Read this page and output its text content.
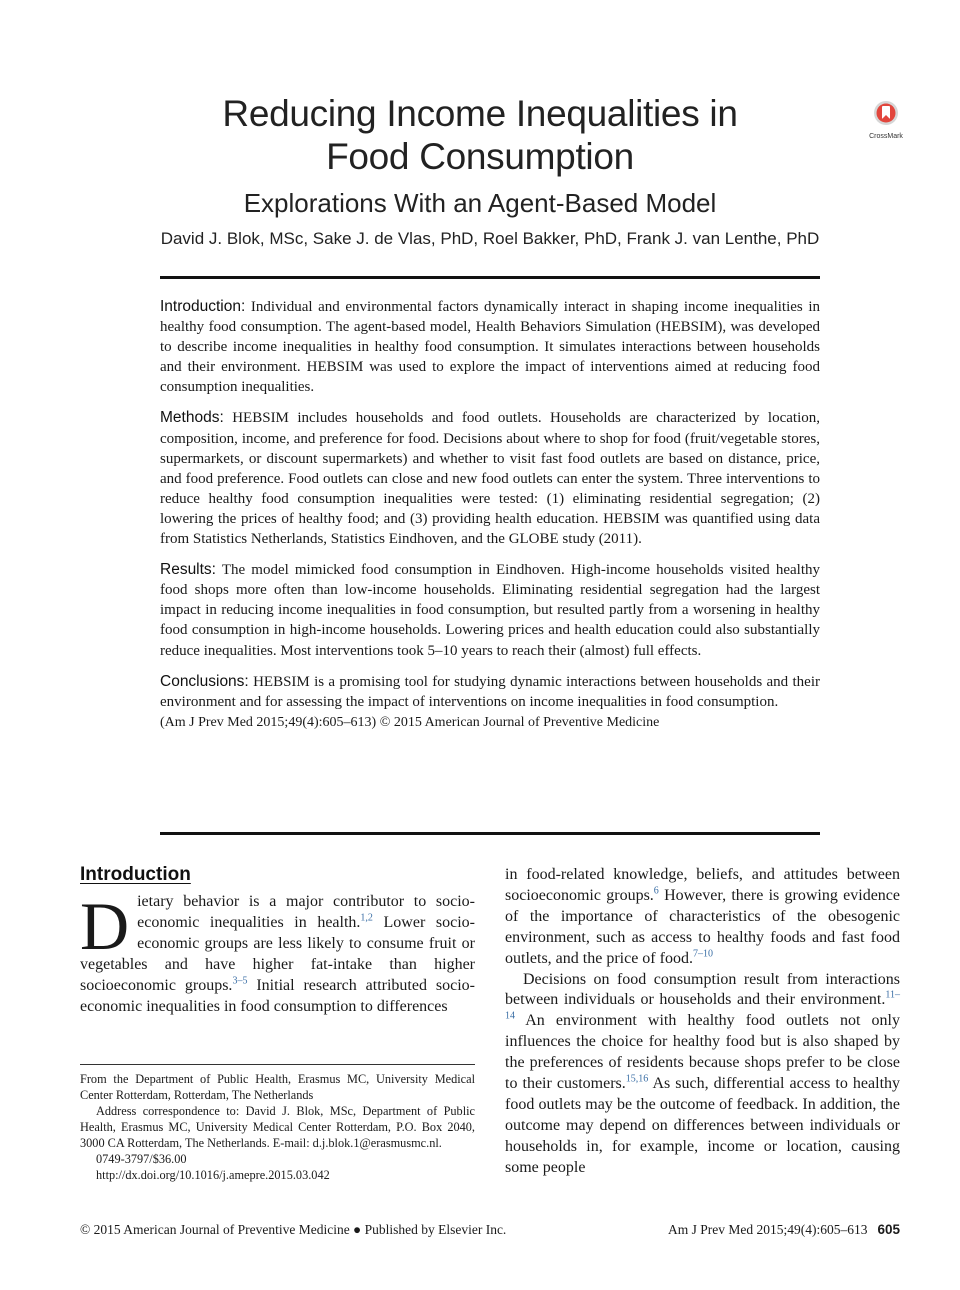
Reducing Income Inequalities in
Food Consumption
Explorations With an Agent-Based Model
CrossMark
David J. Blok, MSc, Sake J. de Vlas, PhD, Roel Bakker, PhD, Frank J. van Lenthe, PhD

Introduction: Individual and environmental factors dynamically interact in shaping income inequalities in healthy food consumption. The agent-based model, Health Behaviors Simulation (HEBSIM), was developed to describe income inequalities in healthy food consumption. It simulates interactions between households and their environment. HEBSIM was used to explore the impact of interventions aimed at reducing food consumption inequalities.

Methods: HEBSIM includes households and food outlets. Households are characterized by location, composition, income, and preference for food. Decisions about where to shop for food (fruit/vegetable stores, supermarkets, or discount supermarkets) and whether to visit fast food outlets are based on distance, price, and food preference. Food outlets can close and new food outlets can enter the system. Three interventions to reduce healthy food consumption inequalities were tested: (1) eliminating residential segregation; (2) lowering the prices of healthy food; and (3) providing health education. HEBSIM was quantified using data from Statistics Netherlands, Statistics Eindhoven, and the GLOBE study (2011).

Results: The model mimicked food consumption in Eindhoven. High-income households visited healthy food shops more often than low-income households. Eliminating residential segregation had the largest impact in reducing income inequalities in food consumption, but resulted partly from a worsening in healthy food consumption in high-income households. Lowering prices and health education could also substantially reduce inequalities. Most interventions took 5–10 years to reach their (almost) full effects.

Conclusions: HEBSIM is a promising tool for studying dynamic interactions between households and their environment and for assessing the impact of interventions on income inequalities in food consumption.

(Am J Prev Med 2015;49(4):605–613) © 2015 American Journal of Preventive Medicine

Introduction

Dietary behavior is a major contributor to socio-economic inequalities in health.$^{1,2}$ Lower socio-economic groups are less likely to consume fruit or vegetables and have higher fat-intake than higher socioeconomic groups.$^{3-5}$ Initial research attributed socio-economic inequalities in food consumption to differences

From the Department of Public Health, Erasmus MC, University Medical Center Rotterdam, Rotterdam, The Netherlands

Address correspondence to: David J. Blok, MSc, Department of Public Health, Erasmus MC, University Medical Center Rotterdam, P.O. Box 2040, 3000 CA Rotterdam, The Netherlands. E-mail: d.j.blok.1@erasmusmc.nl.

0749-3797/$36.00

http://dx.doi.org/10.1016/j.amepre.2015.03.042

in food-related knowledge, beliefs, and attitudes between socioeconomic groups.$^6$ However, there is growing evidence of the importance of characteristics of the obesogenic environment, such as access to healthy foods and fast food outlets, and the price of food.$^{7-10}$

Decisions on food consumption result from interactions between individuals or households and their environment.$^{11-14}$ An environment with healthy food outlets not only influences the choice for healthy food but is also shaped by the preferences of residents because shops prefer to be close to their customers.$^{15,16}$ As such, differential access to healthy food outlets may be the outcome of feedback. In addition, the outcome may depend on differences between individuals or households in, for example, income or location, causing some people

© 2015 American Journal of Preventive Medicine ● Published by Elsevier Inc.	Am J Prev Med 2015;49(4):605–613 605
